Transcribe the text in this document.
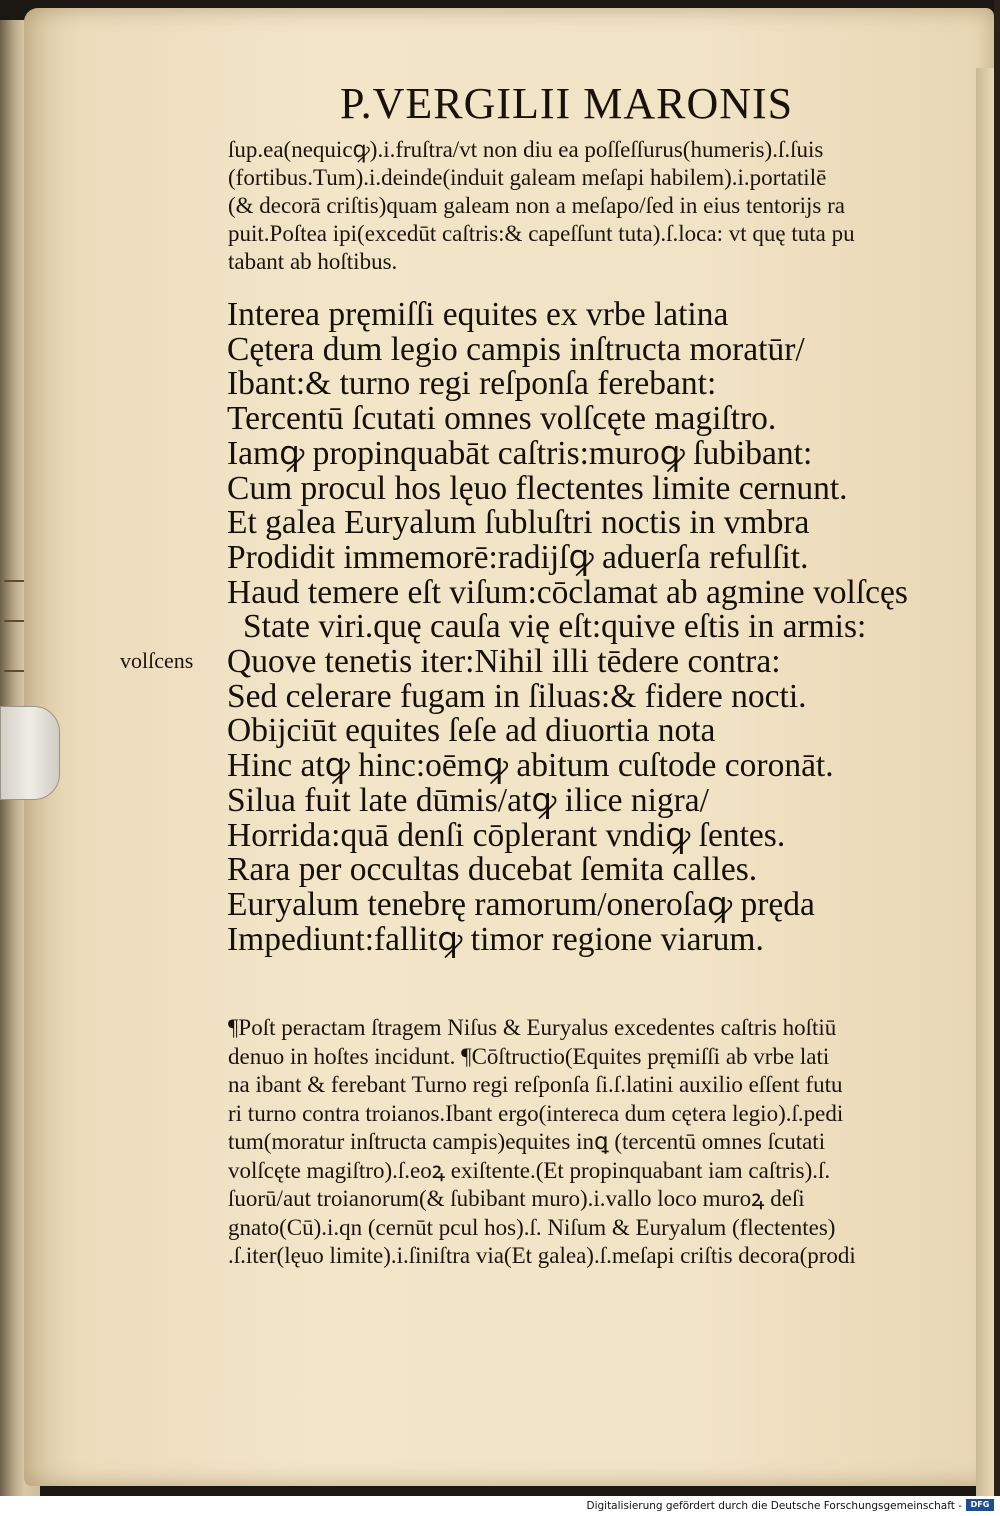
P.VERGILII MARONIS
ſup.ea(nequicꝙ).i.fruſtra/vt non diu ea poſſeſſurus(humeris).ſ.ſuis
(fortibus.Tum).i.deinde(induit galeam meſapi habilem).i.portatilē
(& decorā criſtis)quam galeam non a meſapo/ſed in eius tentorijs ra
puit.Poſtea ipi(excedūt caſtris:& capeſſunt tuta).ſ.loca: vt quę tuta pu
tabant ab hoſtibus.
Interea pręmiſſi equites ex vrbe latina
Cętera dum legio campis inſtructa moratūr/
Ibant:& turno regi reſponſa ferebant:
Tercentū ſcutati omnes volſcęte magiſtro.
Iamꝙ propinquabāt caſtris:muroꝙ ſubibant:
Cum procul hos lęuo flectentes limite cernunt.
Et galea Euryalum ſubluſtri noctis in vmbra
Prodidit immemorē:radijſꝙ aduerſa refulſit.
Haud temere eſt viſum:cōclamat ab agmine volſcęs
State viri.quę cauſa vię eſt:quive eſtis in armis:
Quove tenetis iter:Nihil illi tēdere contra:
Sed celerare fugam in ſiluas:& fidere nocti.
Obijciūt equites ſeſe ad diuortia nota
Hinc atꝙ hinc:oēmꝙ abitum cuſtode coronāt.
Silua fuit late dūmis/atꝙ ilice nigra/
Horrida:quā denſi cōplerant vndiꝙ ſentes.
Rara per occultas ducebat ſemita calles.
Euryalum tenebrę ramorum/oneroſaꝙ pręda
Impediunt:fallitꝙ timor regione viarum.
volſcens
¶Poſt peractam ſtragem Niſus & Euryalus excedentes caſtris hoſtiū
denuo in hoſtes incidunt. ¶Cōſtructio(Equites pręmiſſi ab vrbe lati
na ibant & ferebant Turno regi reſponſa ſi.ſ.latini auxilio eſſent futu
ri turno contra troianos.Ibant ergo(intereca dum cętera legio).ſ.pedi
tum(moratur inſtructa campis)equites inꝗ (tercentū omnes ſcutati
volſcęte magiſtro).ſ.eoꝝ exiſtente.(Et propinquabant iam caſtris).ſ.
ſuorū/aut troianorum(& ſubibant muro).i.vallo loco muroꝝ deſi
gnato(Cū).i.qn (cernūt pcul hos).ſ. Niſum & Euryalum (flectentes)
.ſ.iter(lęuo limite).i.ſiniſtra via(Et galea).ſ.meſapi criſtis decora(prodi
Digitalisierung gefördert durch die Deutsche Forschungsgemeinschaft -	DFG
